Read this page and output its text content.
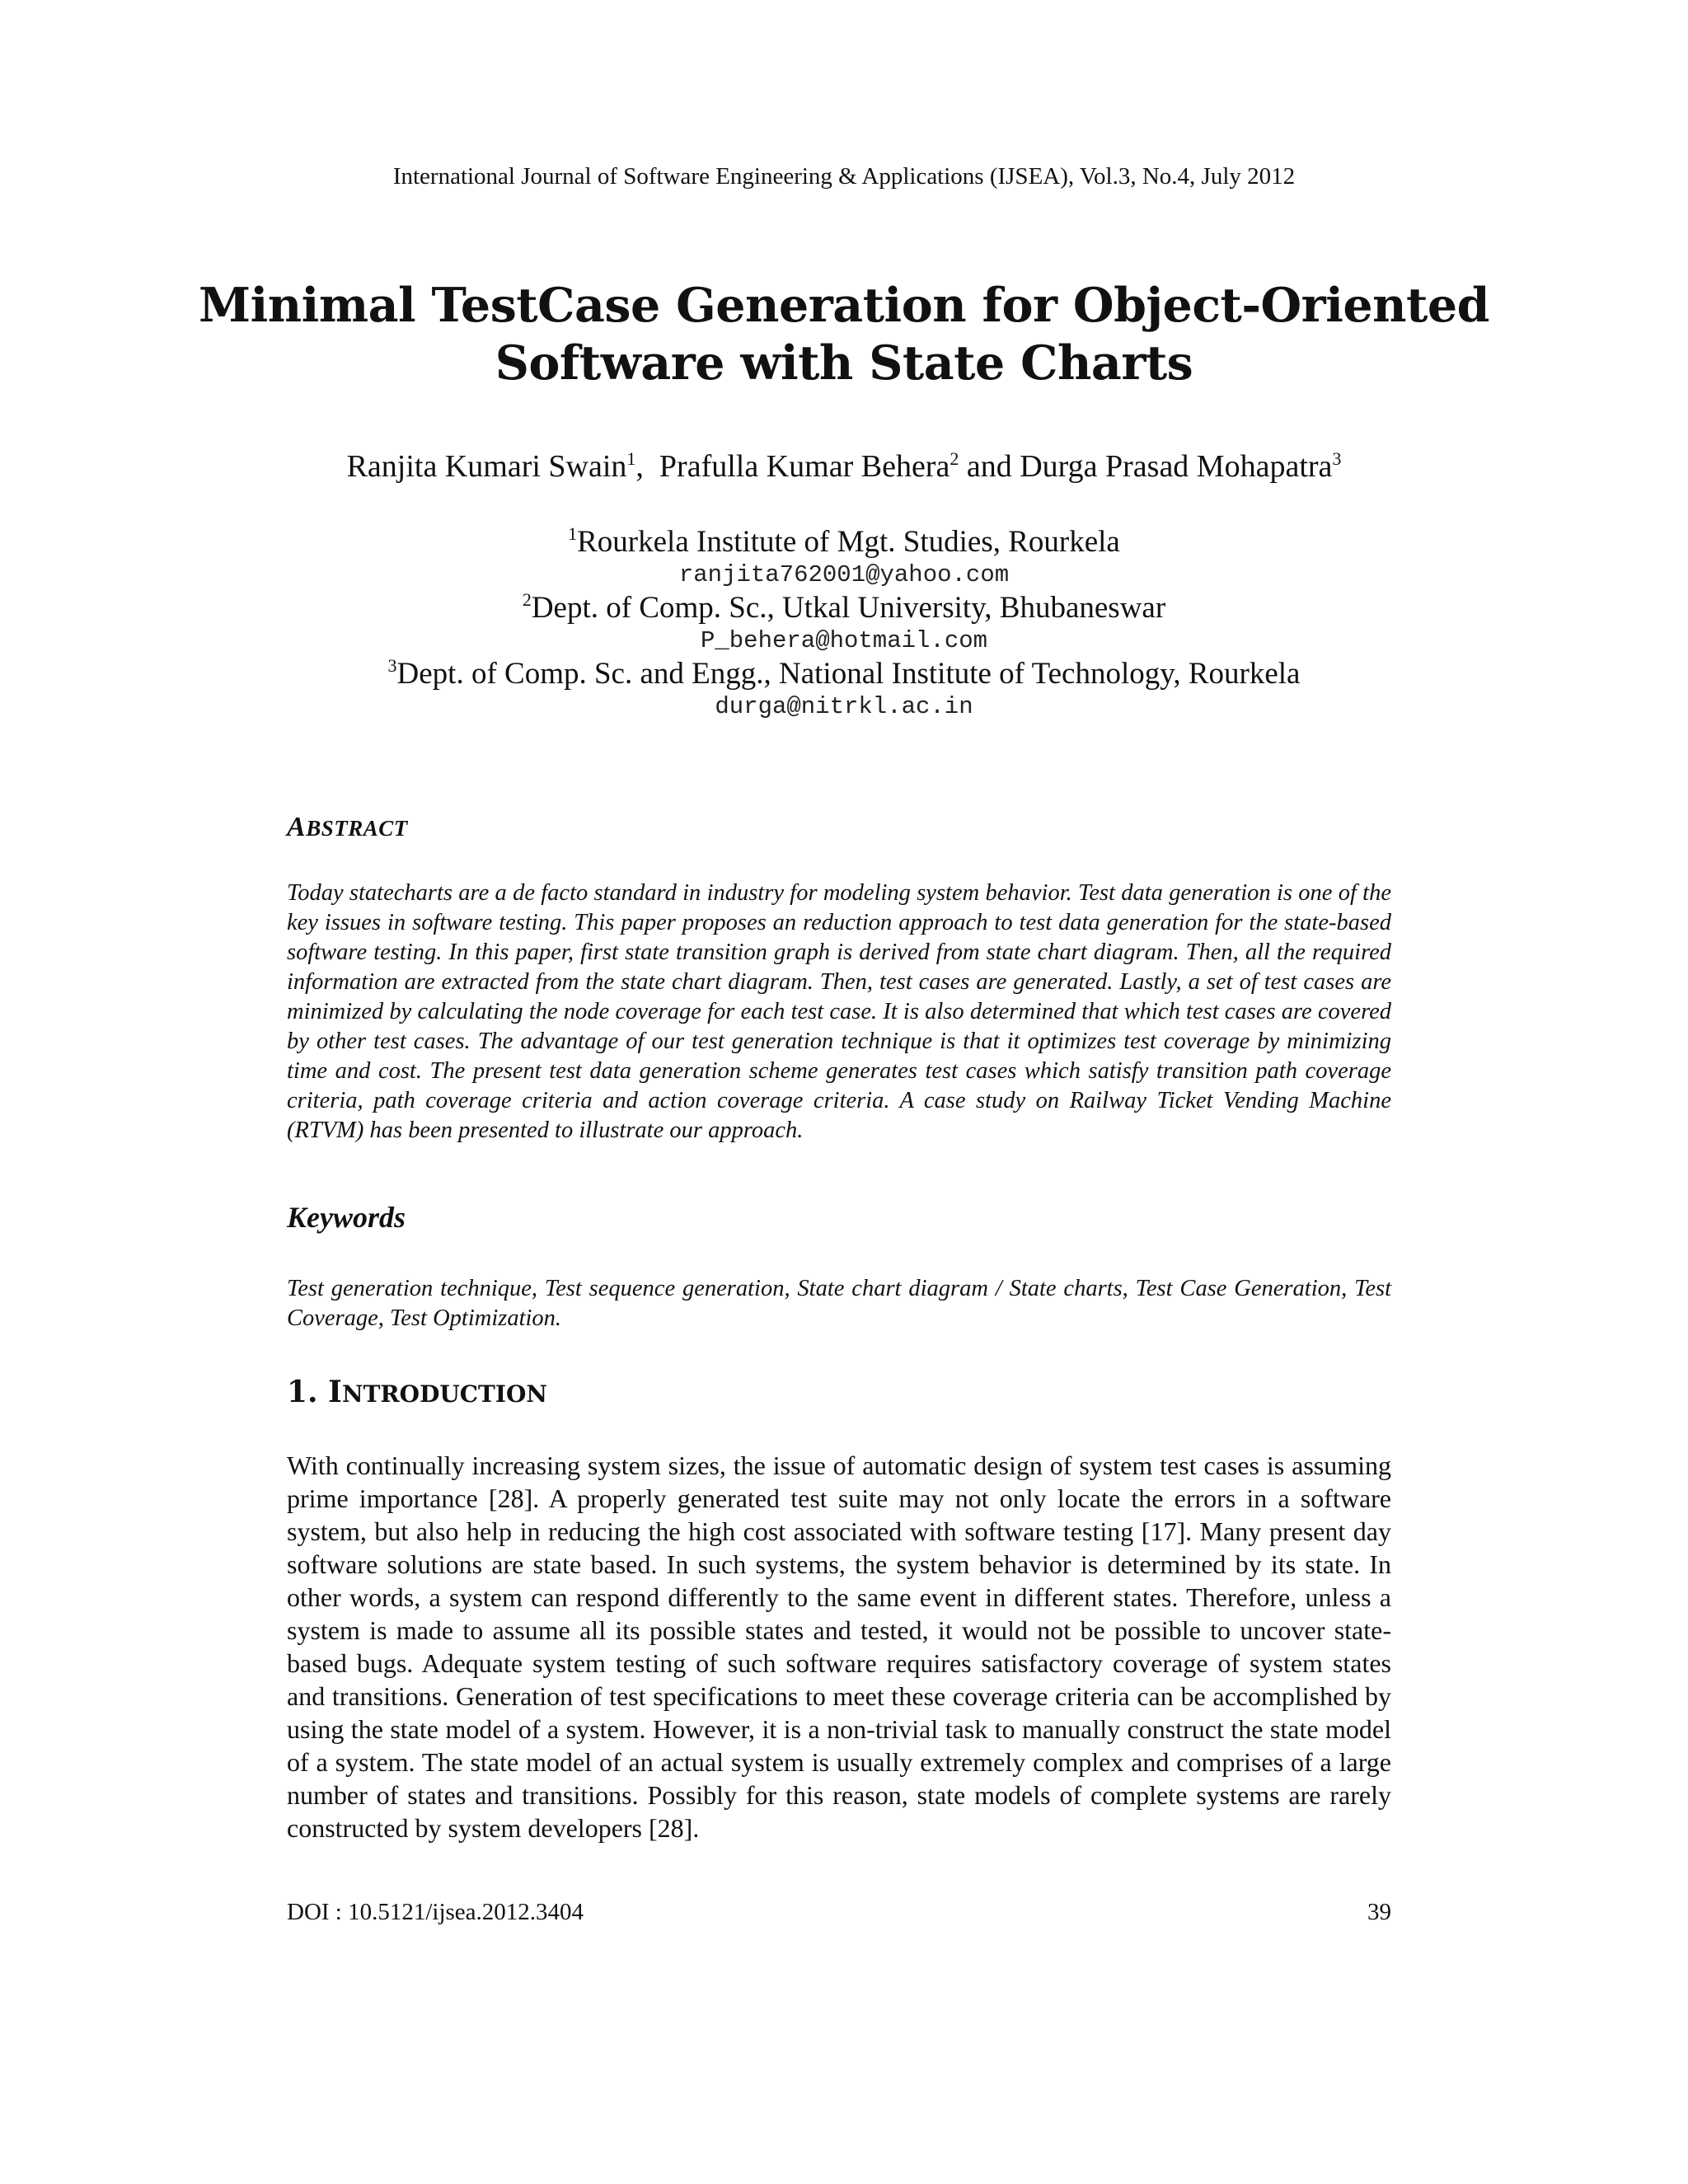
International Journal of Software Engineering & Applications (IJSEA), Vol.3, No.4, July 2012
Minimal TestCase Generation for Object-Oriented
Software with State Charts
Ranjita Kumari Swain$^1$,  Prafulla Kumar Behera$^2$ and Durga Prasad Mohapatra$^3$
$^1$Rourkela Institute of Mgt. Studies, Rourkela
ranjita762001@yahoo.com
$^2$Dept. of Comp. Sc., Utkal University, Bhubaneswar
P_behera@hotmail.com
$^3$Dept. of Comp. Sc. and Engg., National Institute of Technology, Rourkela
durga@nitrkl.ac.in
ABSTRACT
Today statecharts are a de facto standard in industry for modeling system behavior. Test data generation is one of the key issues in software testing. This paper proposes an reduction approach to test data generation for the state-based software testing. In this paper, first state transition graph is derived from state chart diagram. Then, all the required information are extracted from the state chart diagram. Then, test cases are generated. Lastly, a set of test cases are minimized by calculating the node coverage for each test case. It is also determined that which test cases are covered by other test cases. The advantage of our test generation technique is that it optimizes test coverage by minimizing time and cost. The present test data generation scheme generates test cases which satisfy transition path coverage criteria, path coverage criteria and action coverage criteria. A case study on Railway Ticket Vending Machine (RTVM) has been presented to illustrate our approach.
Keywords
Test generation technique, Test sequence generation, State chart diagram / State charts, Test Case Generation, Test Coverage, Test Optimization.
1. INTRODUCTION
With continually increasing system sizes, the issue of automatic design of system test cases is assuming prime importance [28]. A properly generated test suite may not only locate the errors in a software system, but also help in reducing the high cost associated with software testing [17]. Many present day software solutions are state based. In such systems, the system behavior is determined by its state. In other words, a system can respond differently to the same event in different states. Therefore, unless a system is made to assume all its possible states and tested, it would not be possible to uncover state-based bugs. Adequate system testing of such software requires satisfactory coverage of system states and transitions. Generation of test specifications to meet these coverage criteria can be accomplished by using the state model of a system. However, it is a non-trivial task to manually construct the state model of a system. The state model of an actual system is usually extremely complex and comprises of a large number of states and transitions. Possibly for this reason, state models of complete systems are rarely constructed by system developers [28].
DOI : 10.5121/ijsea.2012.3404	39
